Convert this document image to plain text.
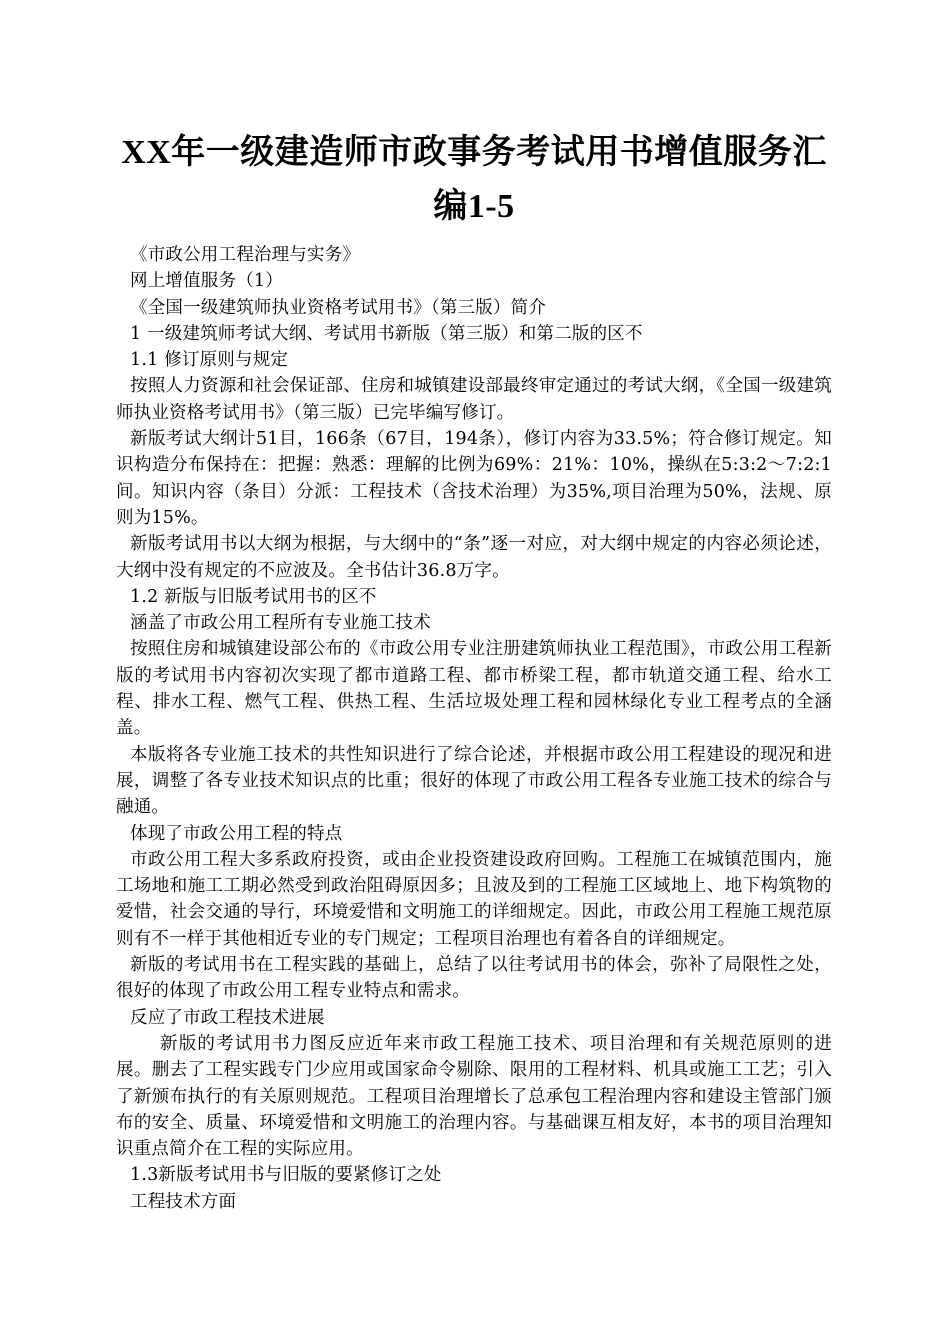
XX年一级建造师市政事务考试用书增值服务汇编1-5

《市政公用工程治理与实务》

网上增值服务（1）

《全国一级建筑师执业资格考试用书》（第三版）简介

1 一级建筑师考试大纲、考试用书新版（第三版）和第二版的区不

1.1 修订原则与规定

按照人力资源和社会保证部、住房和城镇建设部最终审定通过的考试大纲，《全国一级建筑师执业资格考试用书》（第三版）已完毕编写修订。

新版考试大纲计51目，166条（67目，194条），修订内容为33.5%；符合修订规定。知识构造分布保持在：把握：熟悉：理解的比例为69%：21%：10%，操纵在5:3:2～7:2:1间。知识内容（条目）分派：工程技术（含技术治理）为35%,项目治理为50%，法规、原则为15%。

新版考试用书以大纲为根据，与大纲中的“条”逐一对应，对大纲中规定的内容必须论述，大纲中没有规定的不应波及。全书估计36.8万字。

1.2 新版与旧版考试用书的区不

涵盖了市政公用工程所有专业施工技术

按照住房和城镇建设部公布的《市政公用专业注册建筑师执业工程范围》，市政公用工程新版的考试用书内容初次实现了都市道路工程、都市桥梁工程，都市轨道交通工程、给水工程、排水工程、燃气工程、供热工程、生活垃圾处理工程和园林绿化专业工程考点的全涵盖。

本版将各专业施工技术的共性知识进行了综合论述，并根据市政公用工程建设的现况和进展，调整了各专业技术知识点的比重；很好的体现了市政公用工程各专业施工技术的综合与融通。

体现了市政公用工程的特点

市政公用工程大多系政府投资，或由企业投资建设政府回购。工程施工在城镇范围内，施工场地和施工工期必然受到政治阻碍原因多；且波及到的工程施工区域地上、地下构筑物的爱惜，社会交通的导行，环境爱惜和文明施工的详细规定。因此，市政公用工程施工规范原则有不一样于其他相近专业的专门规定；工程项目治理也有着各自的详细规定。

新版的考试用书在工程实践的基础上，总结了以往考试用书的体会，弥补了局限性之处，很好的体现了市政公用工程专业特点和需求。

反应了市政工程技术进展

新版的考试用书力图反应近年来市政工程施工技术、项目治理和有关规范原则的进展。删去了工程实践专门少应用或国家命令剔除、限用的工程材料、机具或施工工艺；引入了新颁布执行的有关原则规范。工程项目治理增长了总承包工程治理内容和建设主管部门颁布的安全、质量、环境爱惜和文明施工的治理内容。与基础课互相友好，本书的项目治理知识重点简介在工程的实际应用。

1.3新版考试用书与旧版的要紧修订之处

工程技术方面
